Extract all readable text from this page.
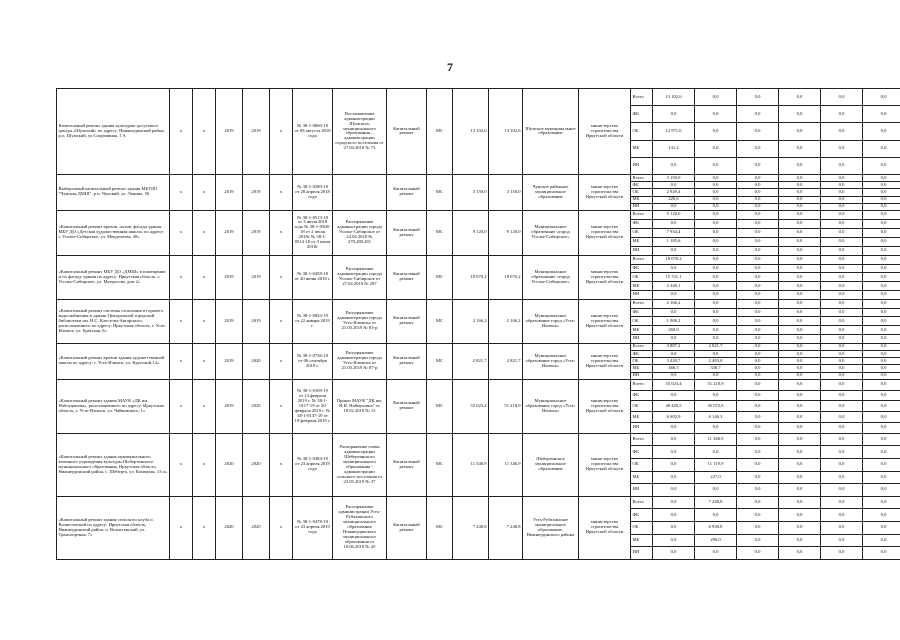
7
Капитальный ремонт здания культурно-досугового центра «Шумский» по адресу: Нижнеудинский район, р.п. Шумский, ул.Спортивная, 1 А	х	х	2019	2019	х	№ 38-1-0660-18 от 08 августа 2018 года	Постановление администрации Шумского муниципального образования – администрации городского поселения от 27.04.2018 № 73	Капитальный ремонт	МС	13 102,6	13 102,6	Шумское муниципальное образование	министерство строительства Иркутской области	Всего	13 102,6	0,0	0,0	0,0	0,0	0,0
														ФБ	0,0	0,0	0,0	0,0	0,0	0,0
														ОБ	12 971,6	0,0	0,0	0,0	0,0	0,0
														МБ	131,2	0,0	0,0	0,0	0,0	0,0
														ИИ	0,0	0,0	0,0	0,0	0,0	0,0
Выборочный капитальный ремонт здания МБУДО "Чунская ДМШ", р.п. Чунский, ул. Ленина, 56	х	х	2019	2019	х	№ 38-1-0280-18 от 28 апреля 2018 года		Капитальный ремонт	МС	3 150,0	3 150,0	Чунское районное муниципальное образование	министерство строительства Иркутской области	Всего	3 150,0	0,0	0,0	0,0	0,0	0,0
														ФБ	0,0	0,0	0,0	0,0	0,0	0,0
														ОБ	2 929,4	0,0	0,0	0,0	0,0	0,0
														МБ	220,6	0,0	0,0	0,0	0,0	0,0
														ИИ	0,0	0,0	0,0	0,0	0,0	0,0
«Капитальный ремонт кровли, полов, фасада здания МБУ ДО «Детская художественная школа» по адресу: г. Усолье-Сибирское, ул. Менделеева, 28»	х	х	2019	2019	х	№ 38-1-0513-18 от 3 июля 2018 года № 38-1-0506-18 от 2 июля 2018г № 38-1-0514-18 от 3 июля 2018г	Распоряжение администрации города Усолье-Сибирское от 24.04.2018 № 279,280,281	Капитальный ремонт	МС	9 120,0	9 120,0	Муниципальное образование «город Усолье-Сибирское»	министерство строительства Иркутской области	Всего	9 120,0	0,0	0,0	0,0	0,0	0,0
														ФБ	0,0	0,0	0,0	0,0	0,0	0,0
														ОБ	7 934,4	0,0	0,0	0,0	0,0	0,0
														МБ	1 185,6	0,0	0,0	0,0	0,0	0,0
														ИИ	0,0	0,0	0,0	0,0	0,0	0,0
«Капитальный ремонт МБУ ДО «ДМШ» в помещении и по фасаду здания по адресу: Иркутская область, г. Усолье-Сибирское, ул. Матросова, дом 2»	х	х	2019	2019	х	№ 38-1-0458-18 от 20 июня 2018 г.	Распоряжение администрации города Усолье-Сибирское от 27.04.2018 № 297	Капитальный ремонт	МС	18 070,2	18 070,2	Муниципальное образование «город Усолье-Сибирское»	министерство строительства Иркутской области	Всего	18 070,2	0,0	0,0	0,0	0,0	0,0
														ФБ	0,0	0,0	0,0	0,0	0,0	0,0
														ОБ	15 721,1	0,0	0,0	0,0	0,0	0,0
														МБ	2 349,1	0,0	0,0	0,0	0,0	0,0
														ИИ	0,0	0,0	0,0	0,0	0,0	0,0
«Капитальный ремонт системы отопления и горячего водоснабжения в здании Центральной городской библиотеки им. Н.С. Клестова-Ангарского, расположенного по адресу: Иркутская область, г. Усть-Илимск, ул. Братская, 8»	х	х	2019	2019	х	№ 38-1-0033-19 от 22 января 2019 г.	Распоряжение администрации города Усть-Илимска от 21.03.2019 № 83-р	Капитальный ремонт	МС	2 166,2	2 166,2	Муниципальное образование город «Усть-Илимск»	министерство строительства Иркутской области	Всего	2 166,2	0,0	0,0	0,0	0,0	0,0
														ФБ	0,0	0,0	0,0	0,0	0,0	0,0
														ОБ	1 906,2	0,0	0,0	0,0	0,0	0,0
														МБ	260,0	0,0	0,0	0,0	0,0	0,0
														ИИ	0,0	0,0	0,0	0,0	0,0	0,0
«Капитальный ремонт кровли здания художественной школы по адресу: г. Усть-Илимск, ул. Крупской,12»	х	х	2019	2020	х	№ 38-1-0736-18 от 06 сентября 2018 г.	Распоряжение администрации города Усть-Илимска от 21.03.2019 № 87-р	Капитальный ремонт	МС	2 821,7	2 821,7	Муниципальное образование город «Усть-Илимск»	министерство строительства Иркутской области	Всего	3 887,2	2 821,7	0,0	0,0	0,0	0,0
														ФБ	0,0	0,0	0,0	0,0	0,0	0,0
														ОБ	3 420,7	2 483,0	0,0	0,0	0,0	0,0
														МБ	466,5	338,7	0,0	0,0	0,0	0,0
														ИИ	0,0	0,0	0,0	0,0	0,0	0,0
«Капитальный ремонт здания МАУК «ДК им. Набоуцанова», расположенного по адресу: Иркутская область, г. Усть-Илимск, ул. Чайковского, 1»	х	х	2019	2020	х	№ 38-1-0109-19 от 14 февраля 2019 г. № 38-1-0117-19 от 20 февраля 2019 г. № 38-1-0137-19 от 19 февраля 2019 г.	Приказ МАУК "ДК им. И.И. Наймушина" от 18.02.2019 № 13	Капитальный ремонт	МС	55 023,4	51 218,9	Муниципальное образование город «Усть-Илимск»	министерство строительства Иркутской области	Всего	55 023,4	51 218,9	0,0	0,0	0,0	0,0
														ФБ	0,0	0,0	0,0	0,0	0,0	0,0
														ОБ	48 420,5	45 072,6	0,0	0,0	0,0	0,0
														МБ	6 602,9	6 146,3	0,0	0,0	0,0	0,0
														ИИ	0,0	0,0	0,0	0,0	0,0	0,0
«Капитальный ремонт здания муниципального казенного учреждения культуры Шебертинского муниципального образования, Иркутская область, Нижнеудинский район, с. Шеберта, ул. Коммуны, 13 а»	х	х	2020	2020	х	№ 38-1-0484-19 от 23 апреля 2019 года	Распоряжение главы администрации Шебертинского муниципального образования - администрации сельского поселения от 23.05.2019 № 37	Капитальный ремонт	МС	11 346,9	11 346,9	Шебертинское муниципальное образование	министерство строительства Иркутской области	Всего	0,0	11 346,9	0,0	0,0	0,0	0,0
														ФБ	0,0	0,0	0,0	0,0	0,0	0,0
														ОБ	0,0	11 119,9	0,0	0,0	0,0	0,0
														МБ	0,0	227,0	0,0	0,0	0,0	0,0
														ИИ	0,0	0,0	0,0	0,0	0,0	0,0
«Капитальный ремонт здания сельского клуба п. Вознесенский по адресу: Иркутская область, Нижнеудинский район, п. Вознесенский, ул. Транспортная, 7»	х	х	2020	2020	х	№ 38-1-0478-19 от 23 апреля 2019 года	Распоряжение администрации Усть-Рубахинского муниципального образования Нижнеудинского муниципального образования от 10.06.2019 № 45	Капитальный ремонт	МС	7 248,8	7 248,8	Усть-Рубахинское муниципальное образование, Нижнеудинского района	министерство строительства Иркутской области	Всего	0,0	7 248,8	0,0	0,0	0,0	0,0
														ФБ	0,0	0,0	0,0	0,0	0,0	0,0
														ОБ	0,0	6 958,8	0,0	0,0	0,0	0,0
														МБ	0,0	290,0	0,0	0,0	0,0	0,0
														ИИ	0,0	0,0	0,0	0,0	0,0	0,0
